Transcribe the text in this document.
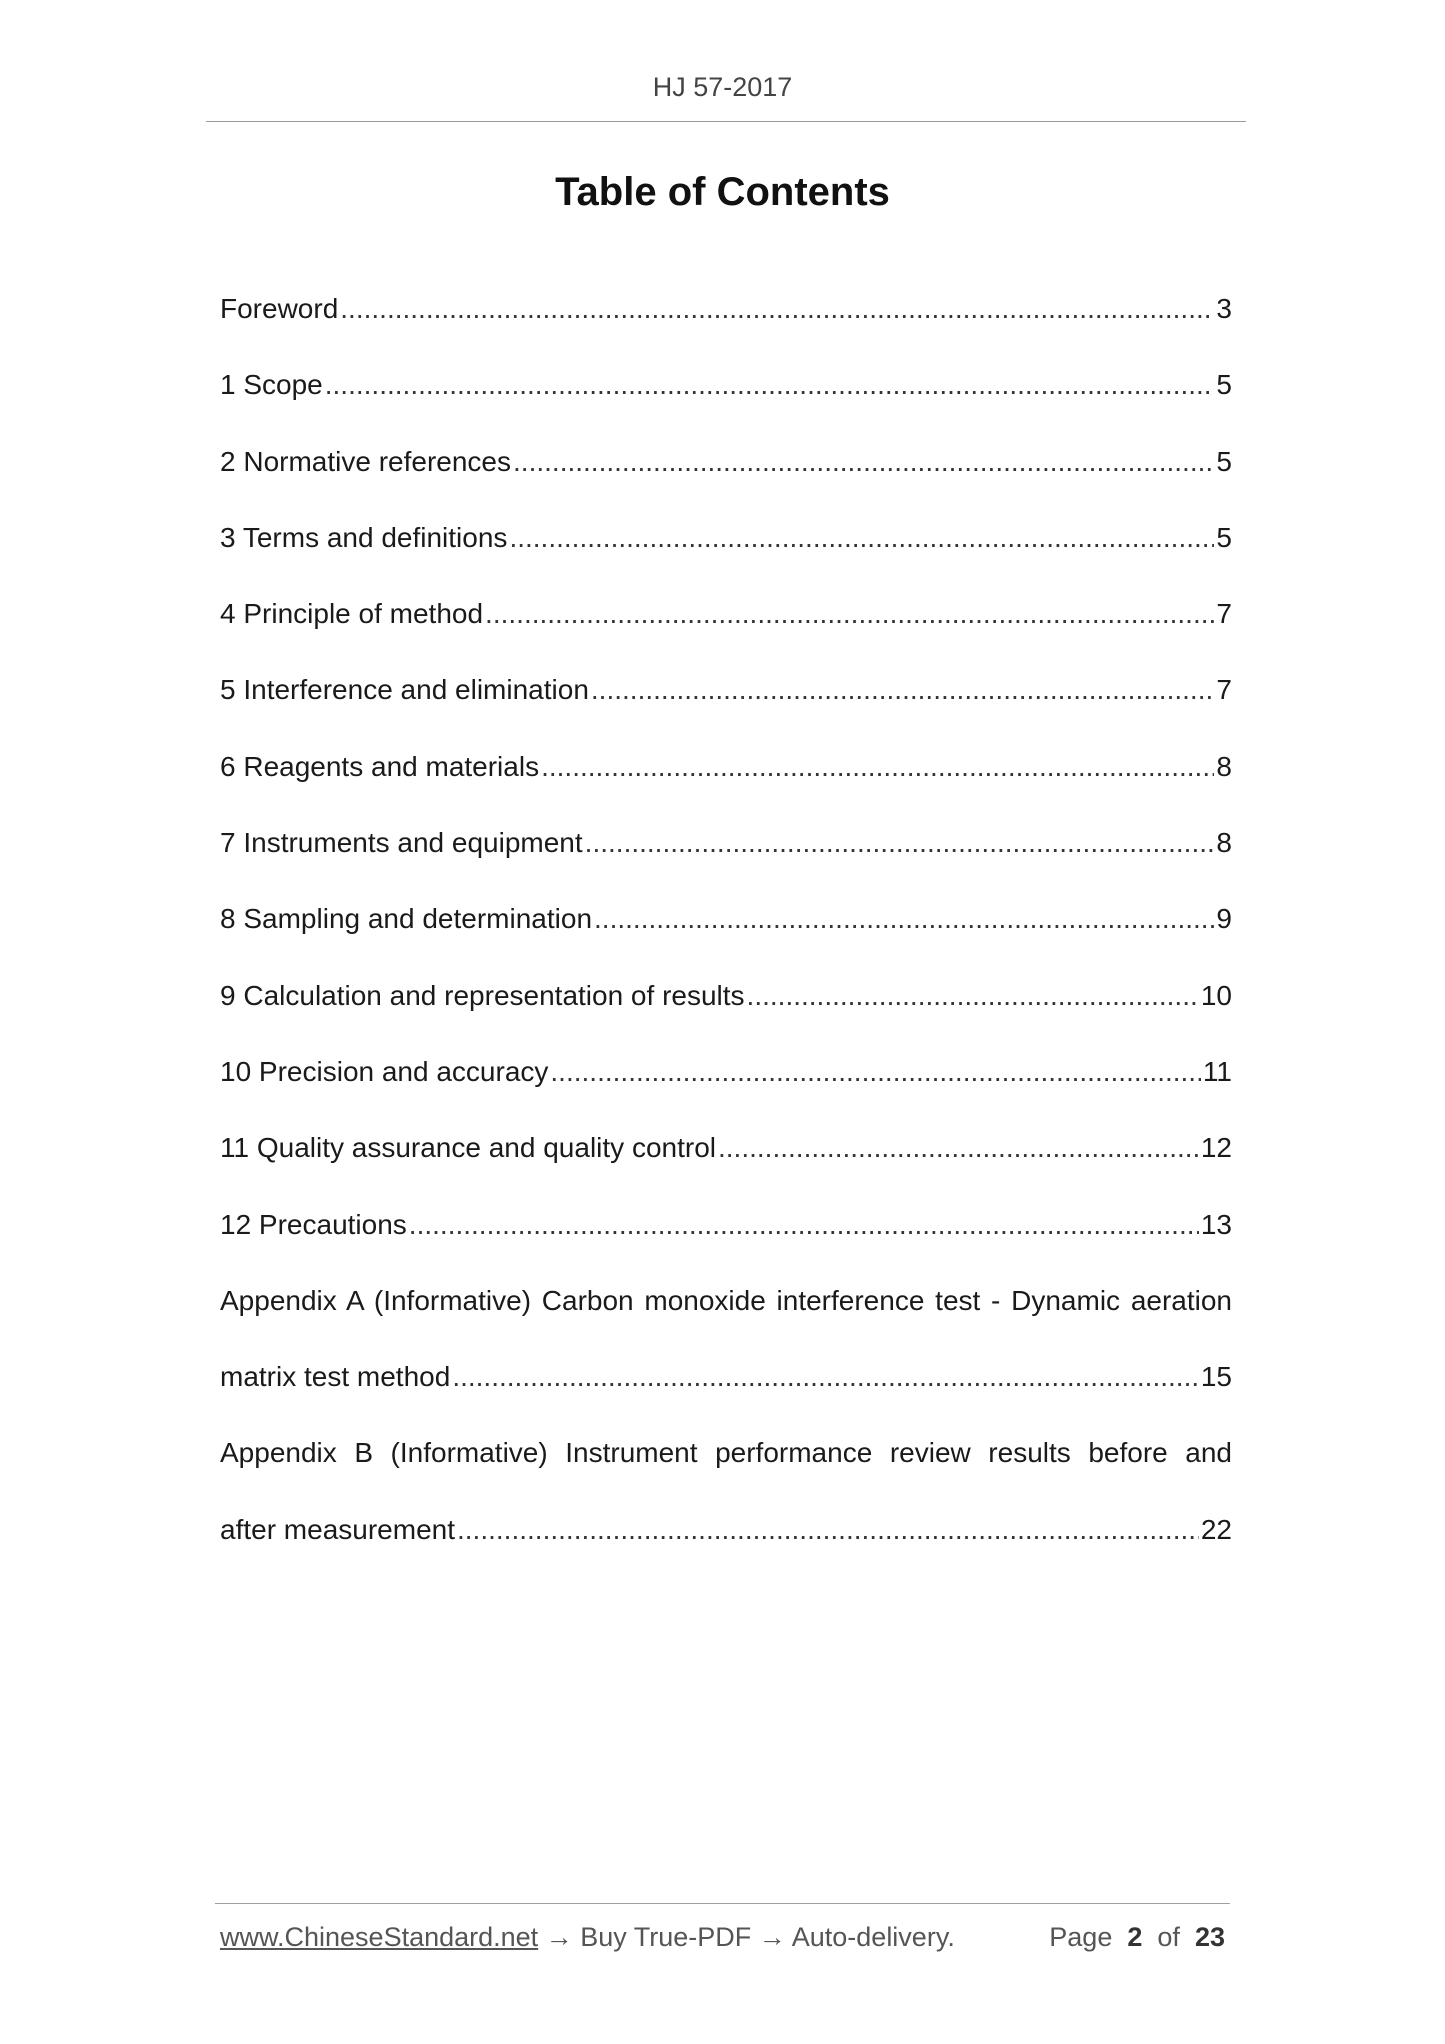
HJ 57-2017
Table of Contents
Foreword .....	3
1 Scope .....	5
2 Normative references .....	5
3 Terms and definitions .....	5
4 Principle of method .....	7
5 Interference and elimination .....	7
6 Reagents and materials .....	8
7 Instruments and equipment .....	8
8 Sampling and determination .....	9
9 Calculation and representation of results .....	10
10 Precision and accuracy .....	11
11 Quality assurance and quality control .....	12
12 Precautions .....	13
Appendix A (Informative) Carbon monoxide interference test - Dynamic aeration
matrix test method .....	15
Appendix B (Informative) Instrument performance review results before and
after measurement .....	22
www.ChineseStandard.net → Buy True-PDF → Auto-delivery.	Page 2 of 23
